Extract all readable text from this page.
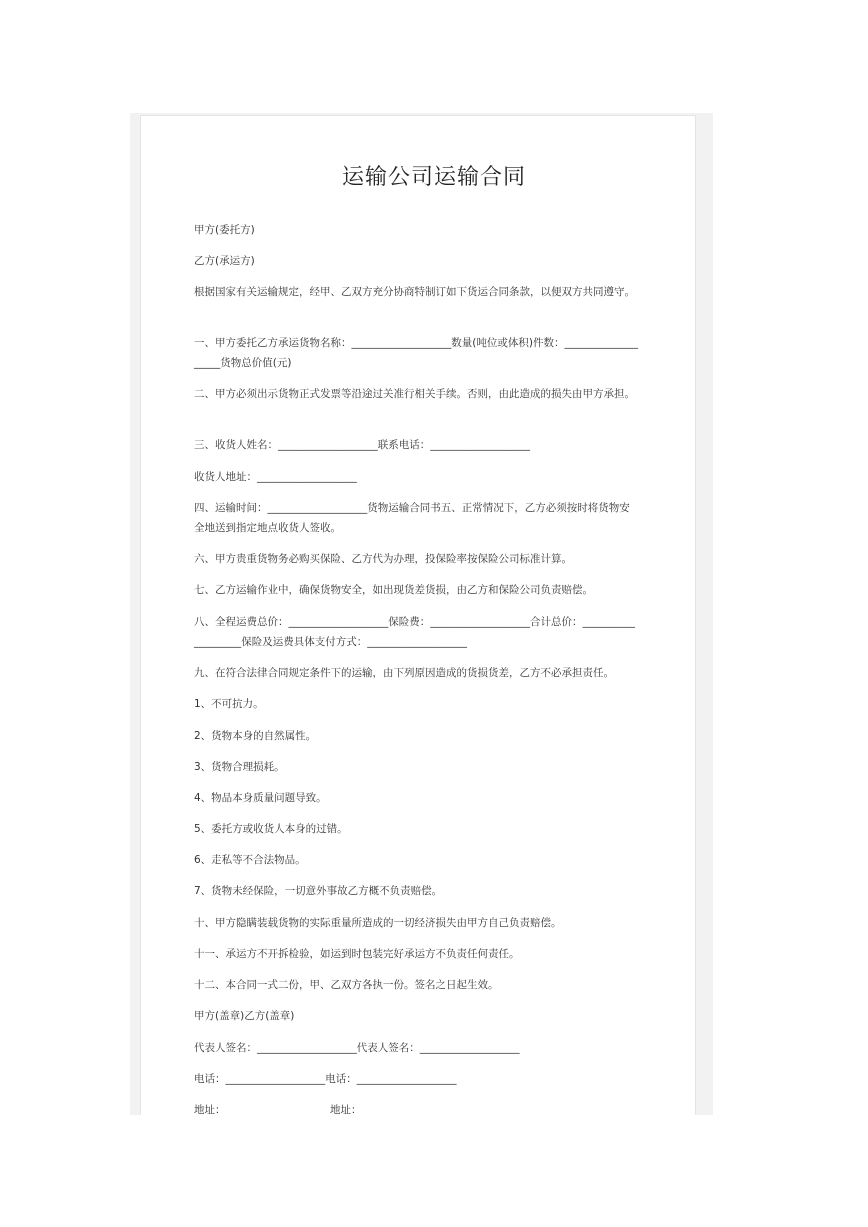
运输公司运输合同
甲方(委托方)
乙方(承运方)
根据国家有关运输规定，经甲、乙双方充分协商特制订如下货运合同条款，以便双方共同遵守。
一、甲方委托乙方承运货物名称：___________________数量(吨位或体积)件数：___________________货物总价值(元)
二、甲方必须出示货物正式发票等沿途过关准行相关手续。否则，由此造成的损失由甲方承担。
三、收货人姓名：___________________联系电话：___________________
收货人地址：___________________
四、运输时间：___________________货物运输合同书五、正常情况下，乙方必须按时将货物安全地送到指定地点收货人签收。
六、甲方贵重货物务必购买保险、乙方代为办理，投保险率按保险公司标准计算。
七、乙方运输作业中，确保货物安全，如出现货差货损，由乙方和保险公司负责赔偿。
八、全程运费总价：___________________保险费：___________________合计总价：___________________保险及运费具体支付方式：___________________
九、在符合法律合同规定条件下的运输，由下列原因造成的货损货差，乙方不必承担责任。
1、不可抗力。
2、货物本身的自然属性。
3、货物合理损耗。
4、物品本身质量问题导致。
5、委托方或收货人本身的过错。
6、走私等不合法物品。
7、货物未经保险，一切意外事故乙方概不负责赔偿。
十、甲方隐瞒装载货物的实际重量所造成的一切经济损失由甲方自己负责赔偿。
十一、承运方不开拆检验，如运到时包装完好承运方不负责任何责任。
十二、本合同一式二份，甲、乙双方各执一份。签名之日起生效。
甲方(盖章)乙方(盖章)
代表人签名：___________________代表人签名：___________________
电话：___________________电话：___________________
地址：	地址：
